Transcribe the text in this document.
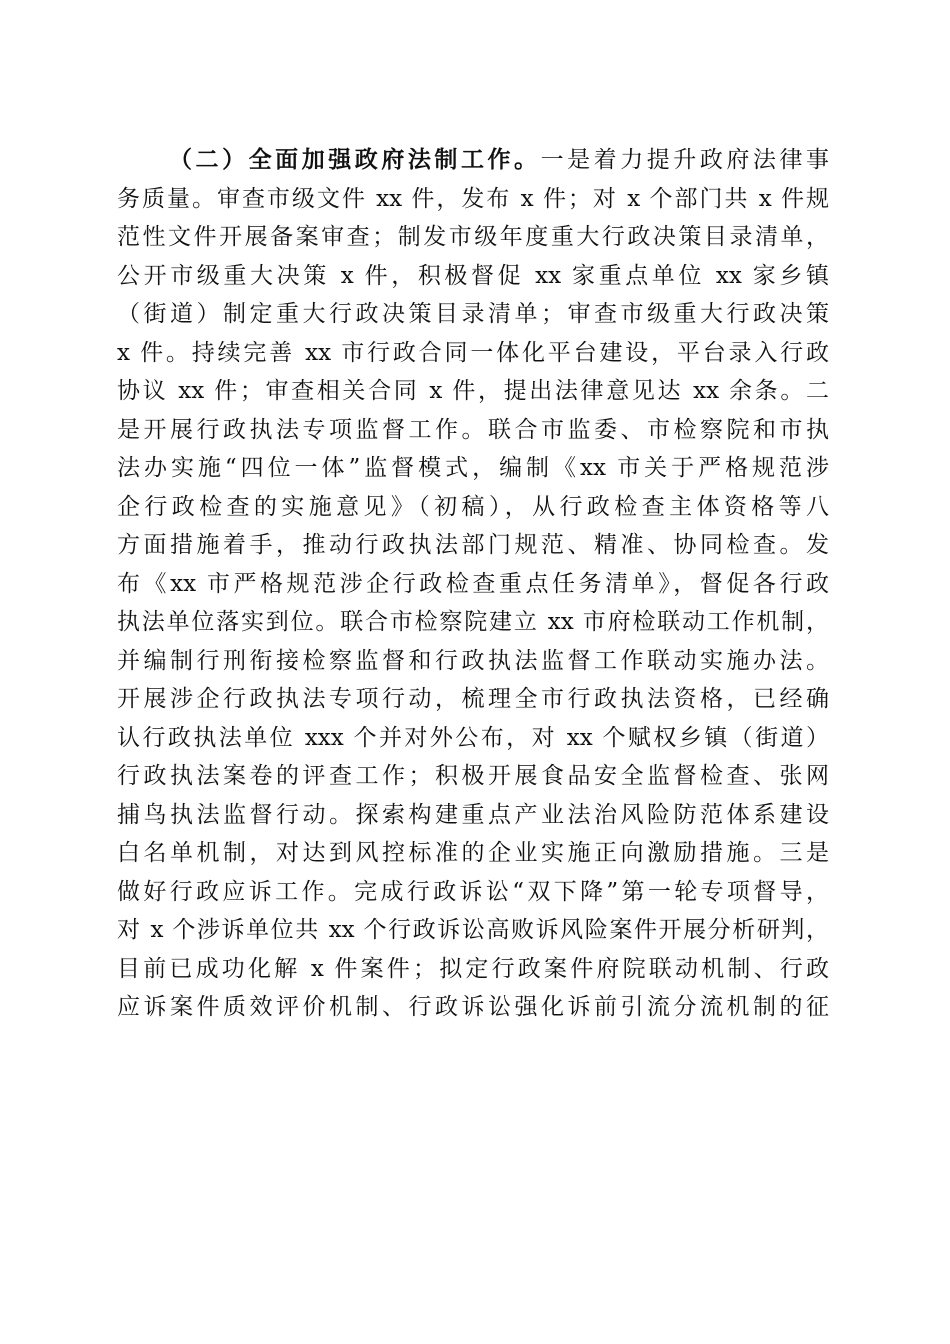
（二）全面加强政府法制工作。一是着力提升政府法律事
务质量。审查市级文件 xx 件，发布 x 件；对 x 个部门共 x 件规
范性文件开展备案审查；制发市级年度重大行政决策目录清单，
公开市级重大决策 x 件，积极督促 xx 家重点单位 xx 家乡镇
（街道）制定重大行政决策目录清单；审查市级重大行政决策
x 件。持续完善 xx 市行政合同一体化平台建设，平台录入行政
协议 xx 件；审查相关合同 x 件，提出法律意见达 xx 余条。二
是开展行政执法专项监督工作。联合市监委、市检察院和市执
法办实施“四位一体”监督模式，编制《xx 市关于严格规范涉
企行政检查的实施意见》（初稿），从行政检查主体资格等八
方面措施着手，推动行政执法部门规范、精准、协同检查。发
布《xx 市严格规范涉企行政检查重点任务清单》，督促各行政
执法单位落实到位。联合市检察院建立 xx 市府检联动工作机制，
并编制行刑衔接检察监督和行政执法监督工作联动实施办法。
开展涉企行政执法专项行动，梳理全市行政执法资格，已经确
认行政执法单位 xxx 个并对外公布，对 xx 个赋权乡镇（街道）
行政执法案卷的评查工作；积极开展食品安全监督检查、张网
捕鸟执法监督行动。探索构建重点产业法治风险防范体系建设
白名单机制，对达到风控标准的企业实施正向激励措施。三是
做好行政应诉工作。完成行政诉讼“双下降”第一轮专项督导，
对 x 个涉诉单位共 xx 个行政诉讼高败诉风险案件开展分析研判，
目前已成功化解 x 件案件；拟定行政案件府院联动机制、行政
应诉案件质效评价机制、行政诉讼强化诉前引流分流机制的征
